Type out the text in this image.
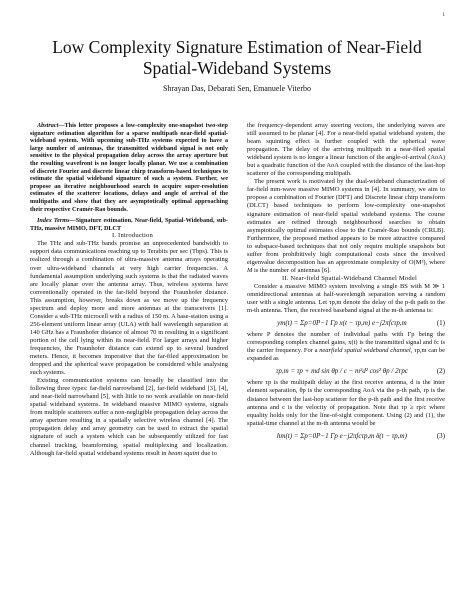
1
Low Complexity Signature Estimation of Near-Field Spatial-Wideband Systems
Shrayan Das, Debarati Sen, Emanuele Viterbo

Abstract—This letter proposes a low-complexity one-snapshot two-step signature estimation algorithm for a sparse multipath near-field spatial-wideband system. With upcoming sub-THz systems expected to have a large number of antennas, the transmitted wideband signal is not only sensitive to the physical propagation delay across the array aperture but the resulting wavefront is no longer locally planar. We use a combination of discrete Fourier and discrete linear chirp transform-based techniques to estimate the spatial wideband signature of such a system. Further, we propose an iterative neighbourhood search to acquire super-resolution estimates of the scatterer locations, delays and angle of arrival of the multipaths and show that they are asymptotically optimal approaching their respective Cramér-Rao bounds.

Index Terms—Signature estimation, Near-field, Spatial-Wideband, sub-THz, massive MIMO, DFT, DLCT

I. Introduction

The THz and sub-THz bands promise an unprecedented bandwidth to support data communications reaching up to Terabits per sec (Tbps). This is realized through a combination of ultra-massive antenna arrays operating over ultra-wideband channels at very high carrier frequencies. A fundamental assumption underlying such systems is that the radiated waves are locally planar over the antenna array. Thus, wireless systems have conventionally operated in the far-field beyond the Fraunhofer distance. This assumption, however, breaks down as we move up the frequency spectrum and deploy more and more antennas at the transceivers [1]. Consider a sub-THz microcell with a radius of 150 m. A base-station using a 256-element uniform linear array (ULA) with half wavelength separation at 140 GHz has a Fraunhofer distance of almost 70 m resulting in a significant portion of the cell lying within its near-field. For larger arrays and higher frequencies, the Fraunhofer distance can extend up to several hundred meters. Hence, it becomes imperative that the far-filed approximation be dropped and the spherical wave propagation be considered while analysing such systems.

Existing communication systems can broadly be classified into the following three types: far-field narrowband [2], far-field wideband [3], [4], and near-field narrowband [5], with little to no work available on near-field spatial wideband systems. In wideband massive MIMO systems, signals from multiple scatterers suffer a non-negligible propagation delay across the array aperture resulting in a spatially selective wireless channel [4]. The propagation delay and array geometry can be used to extract the spatial signature of such a system which can be subsequently utilized for fast channel tracking, beamforming, spatial multiplexing and localization. Although far-field spatial wideband systems result in beam squint due to

the frequency-dependent array steering vectors, the underlying waves are still assumed to be planar [4]. For a near-field spatial wideband system, the beam squinting effect is further coupled with the spherical wave propagation. The delay of the arriving multipath in a near-filed spatial wideband system is no longer a linear function of the angle-of-arrival (AoA) but a quadratic function of the AoA coupled with the distance of the last-hop scatterer of the corresponding multipath.

The present work is motivated by the dual-wideband characterization of far-field mm-wave massive MIMO systems in [4]. In summary, we aim to propose a combination of Fourier (DFT) and Discrete linear chirp transform (DLCT) based techniques to perform low-complexity one-snapshot signature estimation of near-field spatial wideband systems. The course estimates are refined through neighbourhood searches to obtain asymptotically optimal estimates close to the Cramér-Rao bounds (CRLB). Furthermore, the proposed method appears to be more attractive compared to subspace-based techniques that not only require multiple snapshots but suffer from prohibitively high computational costs since the involved eigenvalue decomposition has an approximate complexity of O(M³), where M is the number of antennas [6].

II. Near-field Spatial-Wideband Channel Model

Consider a massive MIMO system involving a single BS with M ≫ 1 omnidirectional antennas at half-wavelength separation serving a random user with a single antenna. Let τp,m denote the delay of the p-th path to the m-th antenna. Then, the received baseband signal at the m-th antenna is:

ym(t) = Σp=0P−1 Γp x(t − τp,m) e−j2πfcτp,m	(1)

where P denotes the number of individual paths with Γp being the corresponding complex channel gains, x(t) is the transmitted signal and fc is the carrier frequency. For a nearfield spatial wideband channel, τp,m can be expanded as

τp,m = τp + md sin θp / c − m²d² cos² θp / 2rpc	(2)

where τp is the multipath delay at the first receive antenna, d is the inter element separation, θp is the corresponding AoA via the p-th path, rp is the distance between the last-hop scatterer for the p-th path and the first receive antenna and c is the velocity of propagation. Note that τp ≥ rp/c where equality holds only for the line-of-sight component. Using (2) and (1), the spatial-time channel at the m-th antenna would be

hm(t) = Σp=0P−1 Γp e−j2πfcτp,m δ(t − τp,m)	(3)
